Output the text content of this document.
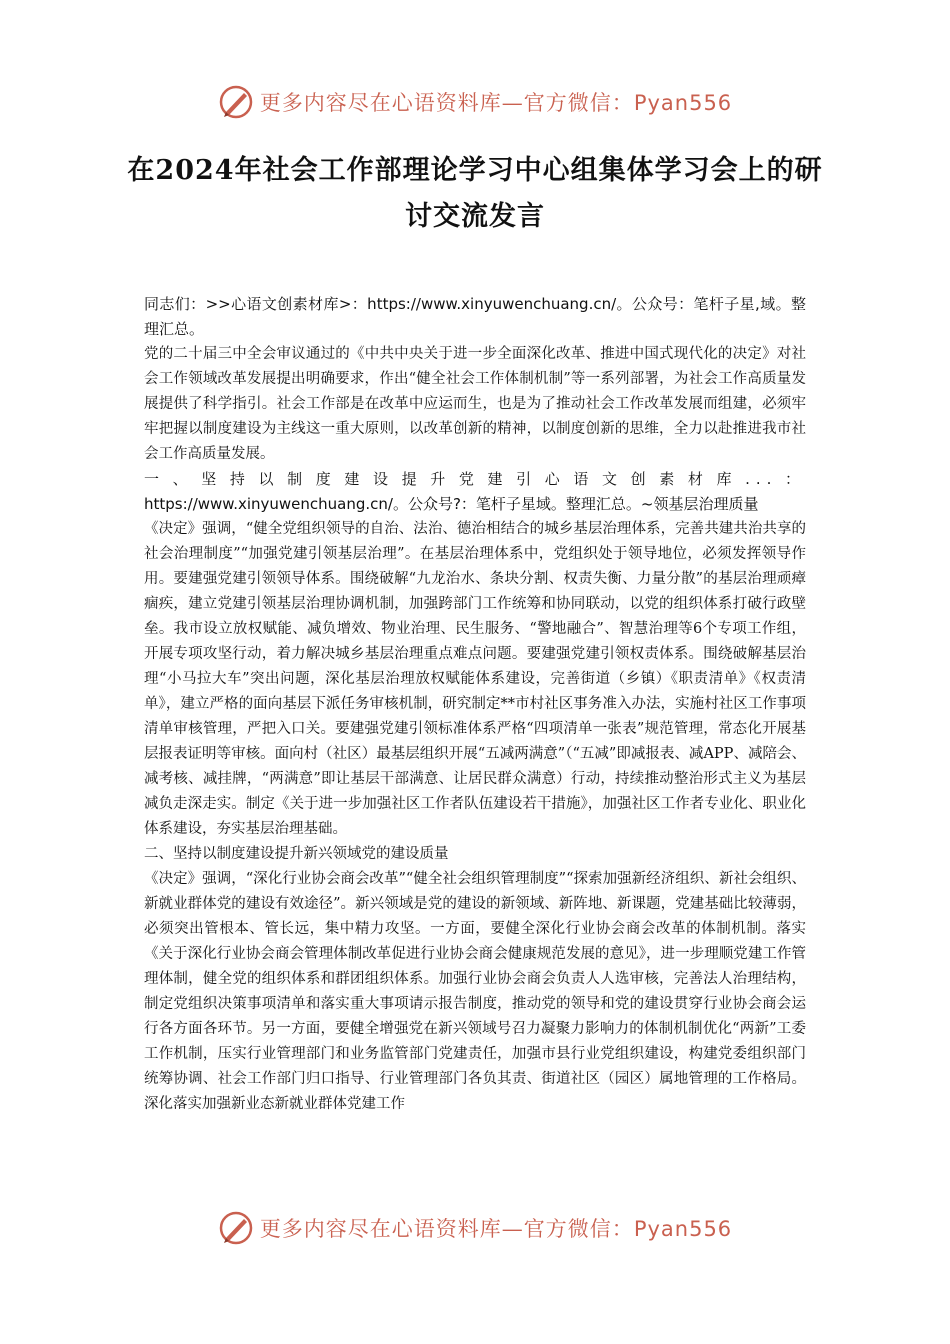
更多内容尽在心语资料库—官方微信：Pyan556
在2024年社会工作部理论学习中心组集体学习会上的研讨交流发言

同志们：>>心语文创素材库>：https://www.xinyuwenchuang.cn/。公众号：笔杆子星,域。整理汇总。

党的二十届三中全会审议通过的《中共中央关于进一步全面深化改革、推进中国式现代化的决定》对社会工作领域改革发展提出明确要求，作出“健全社会工作体制机制”等一系列部署，为社会工作高质量发展提供了科学指引。社会工作部是在改革中应运而生，也是为了推动社会工作改革发展而组建，必须牢牢把握以制度建设为主线这一重大原则，以改革创新的精神，以制度创新的思维，全力以赴推进我市社会工作高质量发展。

一、坚持以制度建设提升党建引心语文创素材库...： https://www.xinyuwenchuang.cn/。公众号?：笔杆子星域。整理汇总。~领基层治理质量

《决定》强调，“健全党组织领导的自治、法治、德治相结合的城乡基层治理体系，完善共建共治共享的社会治理制度”“加强党建引领基层治理”。在基层治理体系中，党组织处于领导地位，必须发挥领导作用。要建强党建引领领导体系。围绕破解“九龙治水、条块分割、权责失衡、力量分散”的基层治理顽瘴痼疾，建立党建引领基层治理协调机制，加强跨部门工作统筹和协同联动，以党的组织体系打破行政壁垒。我市设立放权赋能、减负增效、物业治理、民生服务、“警地融合”、智慧治理等6个专项工作组，开展专项攻坚行动，着力解决城乡基层治理重点难点问题。要建强党建引领权责体系。围绕破解基层治理“小马拉大车”突出问题，深化基层治理放权赋能体系建设，完善街道（乡镇）《职责清单》《权责清单》，建立严格的面向基层下派任务审核机制，研究制定**市村社区事务准入办法，实施村社区工作事项清单审核管理，严把入口关。要建强党建引领标准体系严格“四项清单一张表”规范管理，常态化开展基层报表证明等审核。面向村（社区）最基层组织开展“五减两满意”（“五减”即减报表、减APP、减陪会、减考核、减挂牌，“两满意”即让基层干部满意、让居民群众满意）行动，持续推动整治形式主义为基层减负走深走实。制定《关于进一步加强社区工作者队伍建设若干措施》，加强社区工作者专业化、职业化体系建设，夯实基层治理基础。

二、坚持以制度建设提升新兴领域党的建设质量

《决定》强调，“深化行业协会商会改革”“健全社会组织管理制度”“探索加强新经济组织、新社会组织、新就业群体党的建设有效途径”。新兴领域是党的建设的新领域、新阵地、新课题，党建基础比较薄弱，必须突出管根本、管长远，集中精力攻坚。一方面，要健全深化行业协会商会改革的体制机制。落实《关于深化行业协会商会管理体制改革促进行业协会商会健康规范发展的意见》，进一步理顺党建工作管理体制，健全党的组织体系和群团组织体系。加强行业协会商会负责人人选审核，完善法人治理结构，制定党组织决策事项清单和落实重大事项请示报告制度，推动党的领导和党的建设贯穿行业协会商会运行各方面各环节。另一方面，要健全增强党在新兴领域号召力凝聚力影响力的体制机制优化“两新”工委工作机制，压实行业管理部门和业务监管部门党建责任，加强市县行业党组织建设，构建党委组织部门统筹协调、社会工作部门归口指导、行业管理部门各负其责、街道社区（园区）属地管理的工作格局。深化落实加强新业态新就业群体党建工作

更多内容尽在心语资料库—官方微信：Pyan556
